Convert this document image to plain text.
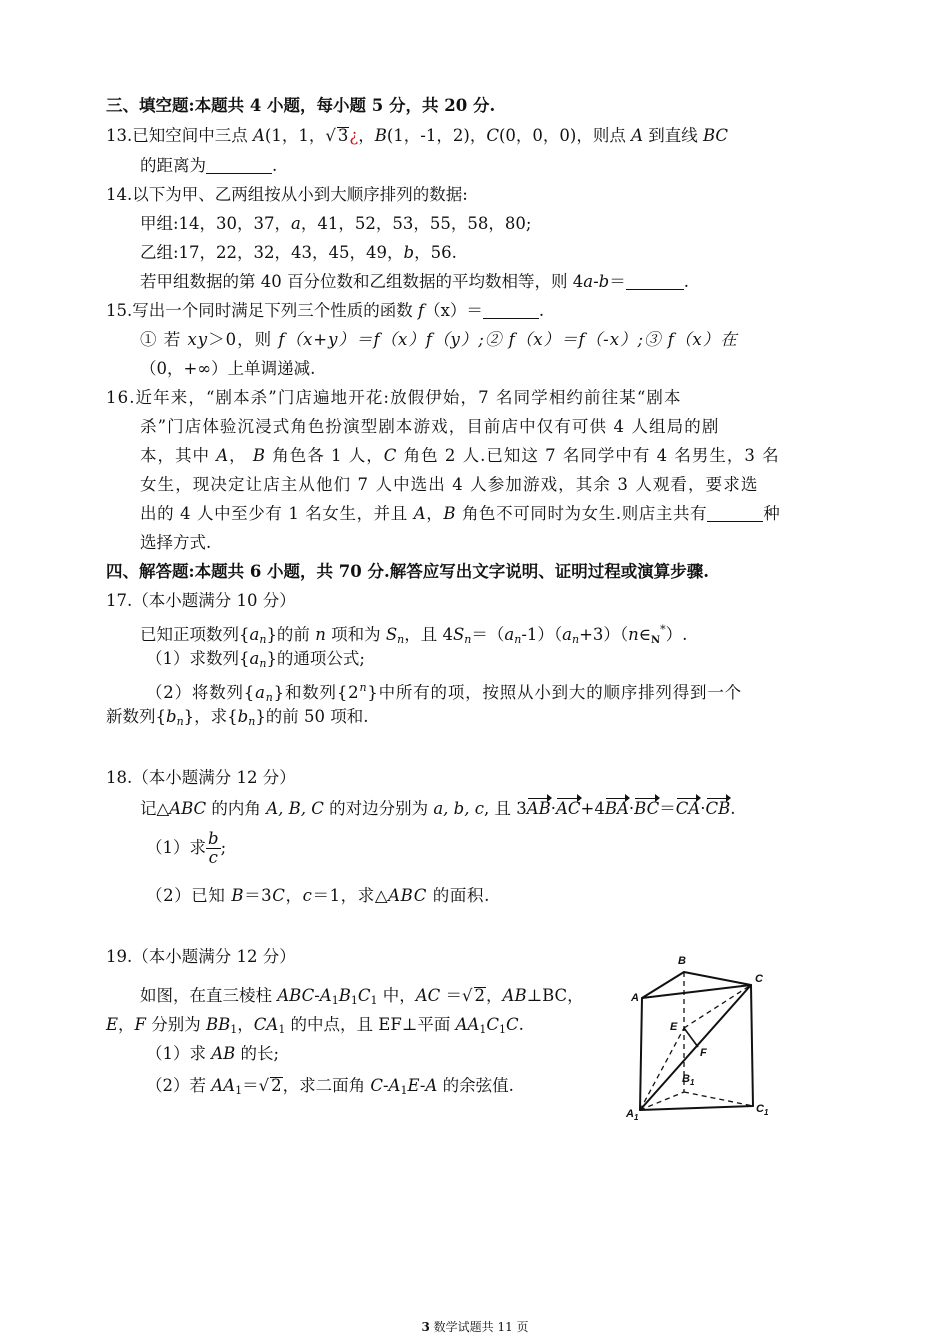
三、填空题:本题共 4 小题，每小题 5 分，共 20 分.
13.已知空间中三点 A(1，1，√ 3¿，B(1，-1，2)，C(0，0，0)，则点 A 到直线 BC
的距离为	.
14.以下为甲、乙两组按从小到大顺序排列的数据:
甲组:14，30，37，a，41，52，53，55，58，80;
乙组:17，22，32，43，45，49，b，56.
若甲组数据的第 40 百分位数和乙组数据的平均数相等，则 4a-b＝	.
15.写出一个同时满足下列三个性质的函数 f（x）＝	.
① 若 xy＞0，则 f（x+y）＝f（x）f（y）;② f（x）＝f（-x）;③ f（x）在
（0，+∞）上单调递减.
16.近年来，“剧本杀”门店遍地开花:放假伊始，7 名同学相约前往某“剧本
杀”门店体验沉浸式角色扮演型剧本游戏，目前店中仅有可供 4 人组局的剧
本，其中 A， B 角色各 1 人，C 角色 2 人.已知这 7 名同学中有 4 名男生，3 名
女生，现决定让店主从他们 7 人中选出 4 人参加游戏，其余 3 人观看，要求选
出的 4 人中至少有 1 名女生，并且 A，B 角色不可同时为女生.则店主共有	种
选择方式.
四、解答题:本题共 6 小题，共 70 分.解答应写出文字说明、证明过程或演算步骤.
17.（本小题满分 10 分）
已知正项数列$\{a_n\}$的前 n 项和为 $S_n$，且 $4S_n=(a_n-1)(a_n+3)(n\in_N^*)$.
（1）求数列$\{a_n\}$的通项公式;
（2）将数列$\{a_n\}$和数列{2$^n$}中所有的项，按照从小到大的顺序排列得到一个
新数列$\{b_n\}$，求$\{b_n\}$的前 50 项和.
18.（本小题满分 12 分）
记△ABC 的内角 A, B, C 的对边分别为 a, b, c, 且 3AB·AC+4BA·BC＝CA·CB.
（1）求 $\frac{b}{c}$ ;
（2）已知 B＝3C，c＝1，求△ABC 的面积.
19.（本小题满分 12 分）
如图，在直三棱柱 ABC-$A_1B_1C_1$ 中，AC ＝√ 2，AB⊥BC，
E，F 分别为 $BB_1$，$CA_1$ 的中点，且 EF⊥平面 $AA_1C_1C$.
（1）求 AB 的长;
（2）若 $AA_1=√$ 2，求二面角 $C-A_1E-A$ 的余弦值.
B
C
A
E
F
$B_1$
$A_1$
$C_1$
3 数学试题共 11 页
